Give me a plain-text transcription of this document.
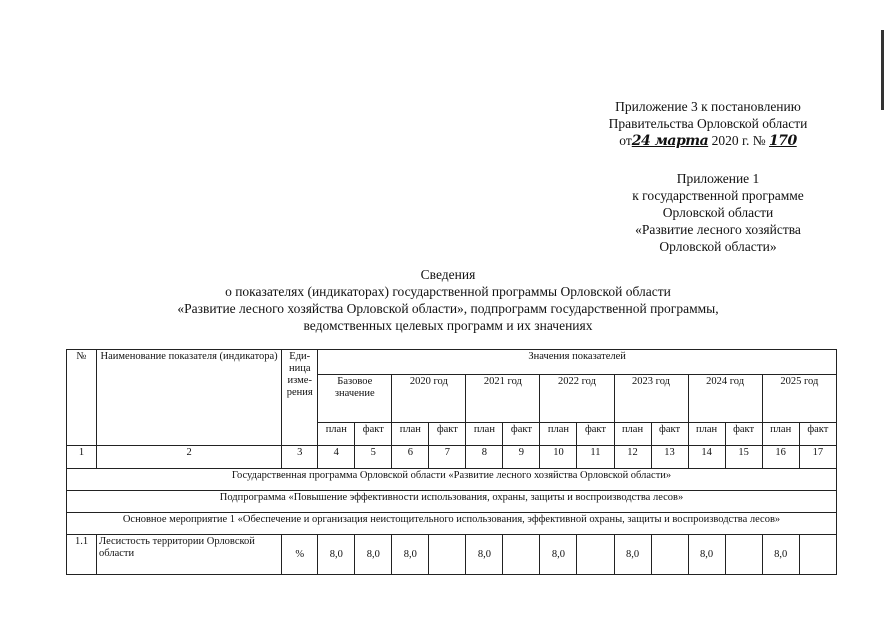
Приложение 3 к постановлению
Правительства Орловской области
от24 марта 2020 г. № 170
Приложение 1
к государственной программе
Орловской области
«Развитие лесного хозяйства
Орловской области»
Сведения
о показателях (индикаторах) государственной программы Орловской области
«Развитие лесного хозяйства Орловской области», подпрограмм государственной программы,
ведомственных целевых программ и их значениях
№	Наименование показателя (индикатора)	Еди- ница изме- рения	Значения показателей													
			Базовое значение		2020 год		2021 год		2022 год		2023 год		2024 год		2025 год	
			план	факт	план	факт	план	факт	план	факт	план	факт	план	факт	план	факт
1	2	3	4	5	6	7	8	9	10	11	12	13	14	15	16	17
Государственная программа Орловской области «Развитие лесного хозяйства Орловской области»																
Подпрограмма «Повышение эффективности использования, охраны, защиты и воспроизводства лесов»																
Основное мероприятие 1 «Обеспечение и организация неистощительного использования, эффективной охраны, защиты и воспроизводства лесов»																
1.1	Лесистость территории Орловской области	%	8,0	8,0	8,0		8,0		8,0		8,0		8,0		8,0	
